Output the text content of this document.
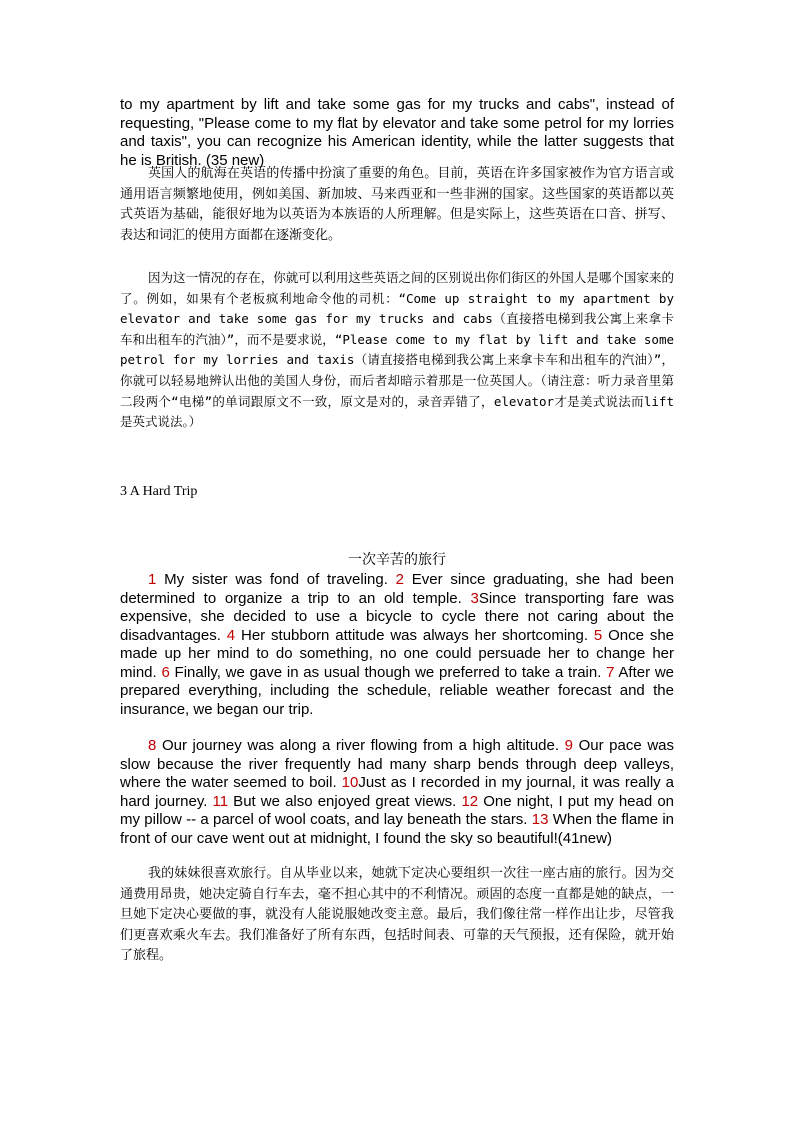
to my apartment by lift and take some gas for my trucks and cabs", instead of requesting, "Please come to my flat by elevator and take some petrol for my lorries and taxis", you can recognize his American identity, while the latter suggests that he is British. (35 new)

英国人的航海在英语的传播中扮演了重要的角色。目前，英语在许多国家被作为官方语言或通用语言频繁地使用，例如美国、新加坡、马来西亚和一些非洲的国家。这些国家的英语都以英式英语为基础，能很好地为以英语为本族语的人所理解。但是实际上，这些英语在口音、拼写、表达和词汇的使用方面都在逐渐变化。

因为这一情况的存在，你就可以利用这些英语之间的区别说出你们街区的外国人是哪个国家来的了。例如，如果有个老板疯利地命令他的司机：“Come up straight to my apartment by elevator and take some gas for my trucks and cabs（直接搭电梯到我公寓上来拿卡车和出租车的汽油）”，而不是要求说，“Please come to my flat by lift and take some petrol for my lorries and taxis（请直接搭电梯到我公寓上来拿卡车和出租车的汽油）”，你就可以轻易地辨认出他的美国人身份，而后者却暗示着那是一位英国人。（请注意：听力录音里第二段两个“电梯”的单词跟原文不一致，原文是对的，录音弄错了，elevator才是美式说法而lift是英式说法。）

3 A Hard Trip

一次辛苦的旅行

1 My sister was fond of traveling. 2 Ever since graduating, she had been determined to organize a trip to an old temple. 3Since transporting fare was expensive, she decided to use a bicycle to cycle there not caring about the disadvantages. 4 Her stubborn attitude was always her shortcoming. 5 Once she made up her mind to do something, no one could persuade her to change her mind. 6 Finally, we gave in as usual though we preferred to take a train. 7 After we prepared everything, including the schedule, reliable weather forecast and the insurance, we began our trip.

8 Our journey was along a river flowing from a high altitude. 9 Our pace was slow because the river frequently had many sharp bends through deep valleys, where the water seemed to boil. 10Just as I recorded in my journal, it was really a hard journey. 11 But we also enjoyed great views. 12 One night, I put my head on my pillow -- a parcel of wool coats, and lay beneath the stars. 13 When the flame in front of our cave went out at midnight, I found the sky so beautiful!(41new)

我的妹妹很喜欢旅行。自从毕业以来，她就下定决心要组织一次往一座古庙的旅行。因为交通费用昂贵，她决定骑自行车去，毫不担心其中的不利情况。顽固的态度一直都是她的缺点，一旦她下定决心要做的事，就没有人能说服她改变主意。最后，我们像往常一样作出让步，尽管我们更喜欢乘火车去。我们准备好了所有东西，包括时间表、可靠的天气预报，还有保险，就开始了旅程。
